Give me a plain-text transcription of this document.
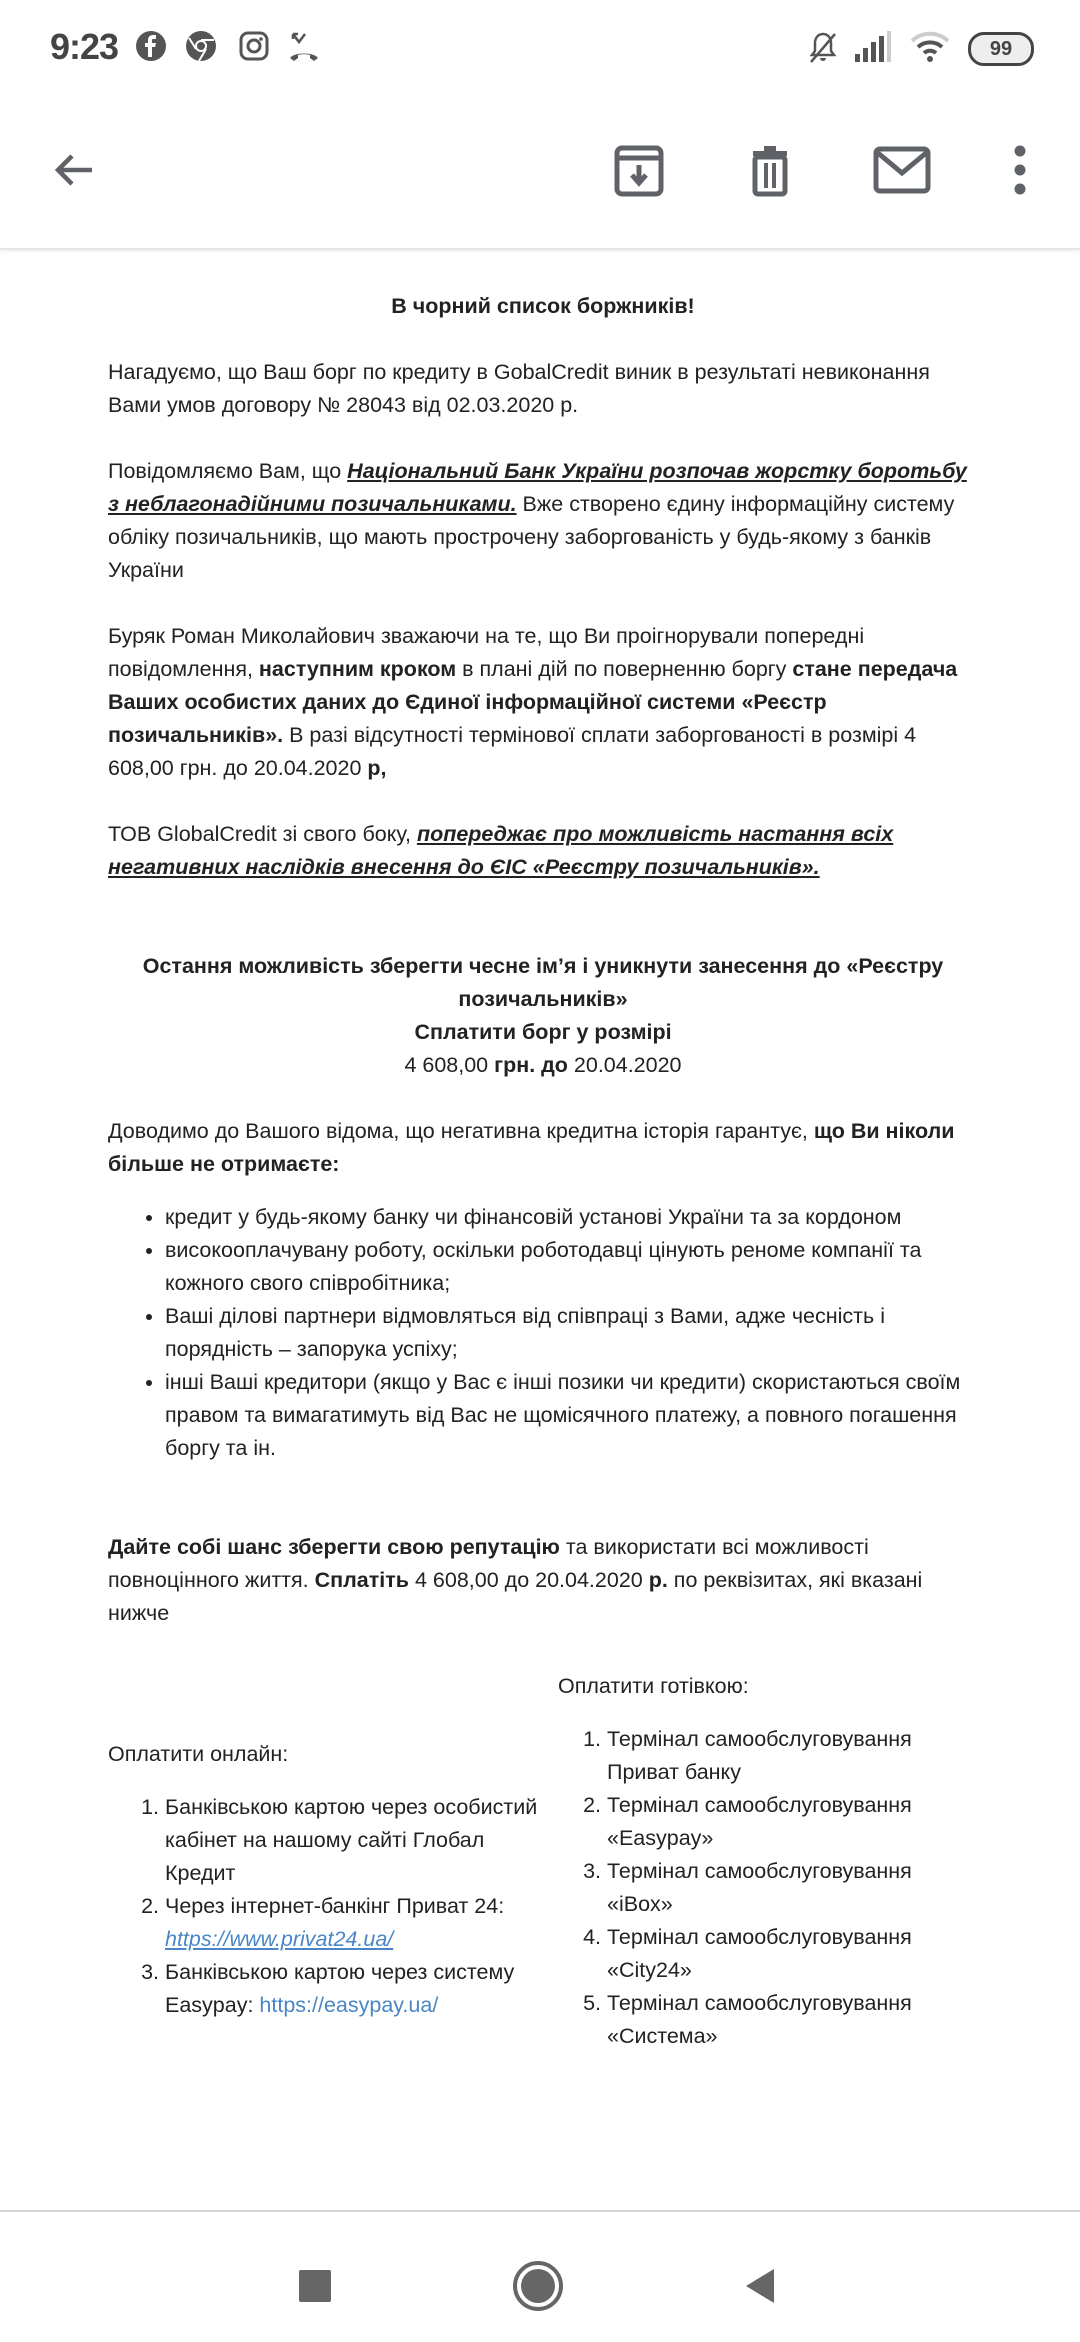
9:23	99

В чорний список боржників!

Нагадуємо, що Ваш борг по кредиту в GobalCredit виник в результаті невиконання Вами умов договору № 28043 від 02.03.2020 р.

Повідомляємо Вам, що Національний Банк України розпочав жорстку боротьбу з неблагонадійними позичальниками. Вже створено єдину інформаційну систему обліку позичальників, що мають прострочену заборгованість у будь-якому з банків України

Буряк Роман Миколайович зважаючи на те, що Ви проігнорували попередні повідомлення, наступним кроком в плані дій по поверненню боргу стане передача Ваших особистих даних до Єдиної інформаційної системи «Реєстр позичальників». В разі відсутності термінової сплати заборгованості в розмірі 4 608,00 грн. до 20.04.2020 р,

ТОВ GlobalCredit зі свого боку, попереджає про можливість настання всіх негативних наслідків внесення до ЄІС «Реєстру позичальників».

Остання можливість зберегти чесне ім’я і уникнути занесення до «Реєстру позичальників»

Сплатити борг у розмірі

4 608,00 грн. до 20.04.2020

Доводимо до Вашого відома, що негативна кредитна історія гарантує, що Ви ніколи більше не отримаєте:

• кредит у будь-якому банку чи фінансовій установі України та за кордоном
• високооплачувану роботу, оскільки роботодавці цінують реноме компанії та кожного свого співробітника;
• Ваші ділові партнери відмовляться від співпраці з Вами, адже чесність і порядність – запорука успіху;
• інші Ваші кредитори (якщо у Вас є інші позики чи кредити) скористаються своїм правом та вимагатимуть від Вас не щомісячного платежу, а повного погашення боргу та ін.

Дайте собі шанс зберегти свою репутацію та використати всі можливості повноцінного життя. Сплатіть 4 608,00 до 20.04.2020 р. по реквізитах, які вказані нижче

Оплатити онлайн:

1. Банківською картою через особистий кабінет на нашому сайті Глобал Кредит
2. Через інтернет-банкінг Приват 24: https://www.privat24.ua/
3. Банківською картою через систему Easypay: https://easypay.ua/

Оплатити готівкою:

1. Термінал самообслуговування Приват банку
2. Термінал самообслуговування «Easypay»
3. Термінал самообслуговування «iBox»
4. Термінал самообслуговування «City24»
5. Термінал самообслуговування «Система»
